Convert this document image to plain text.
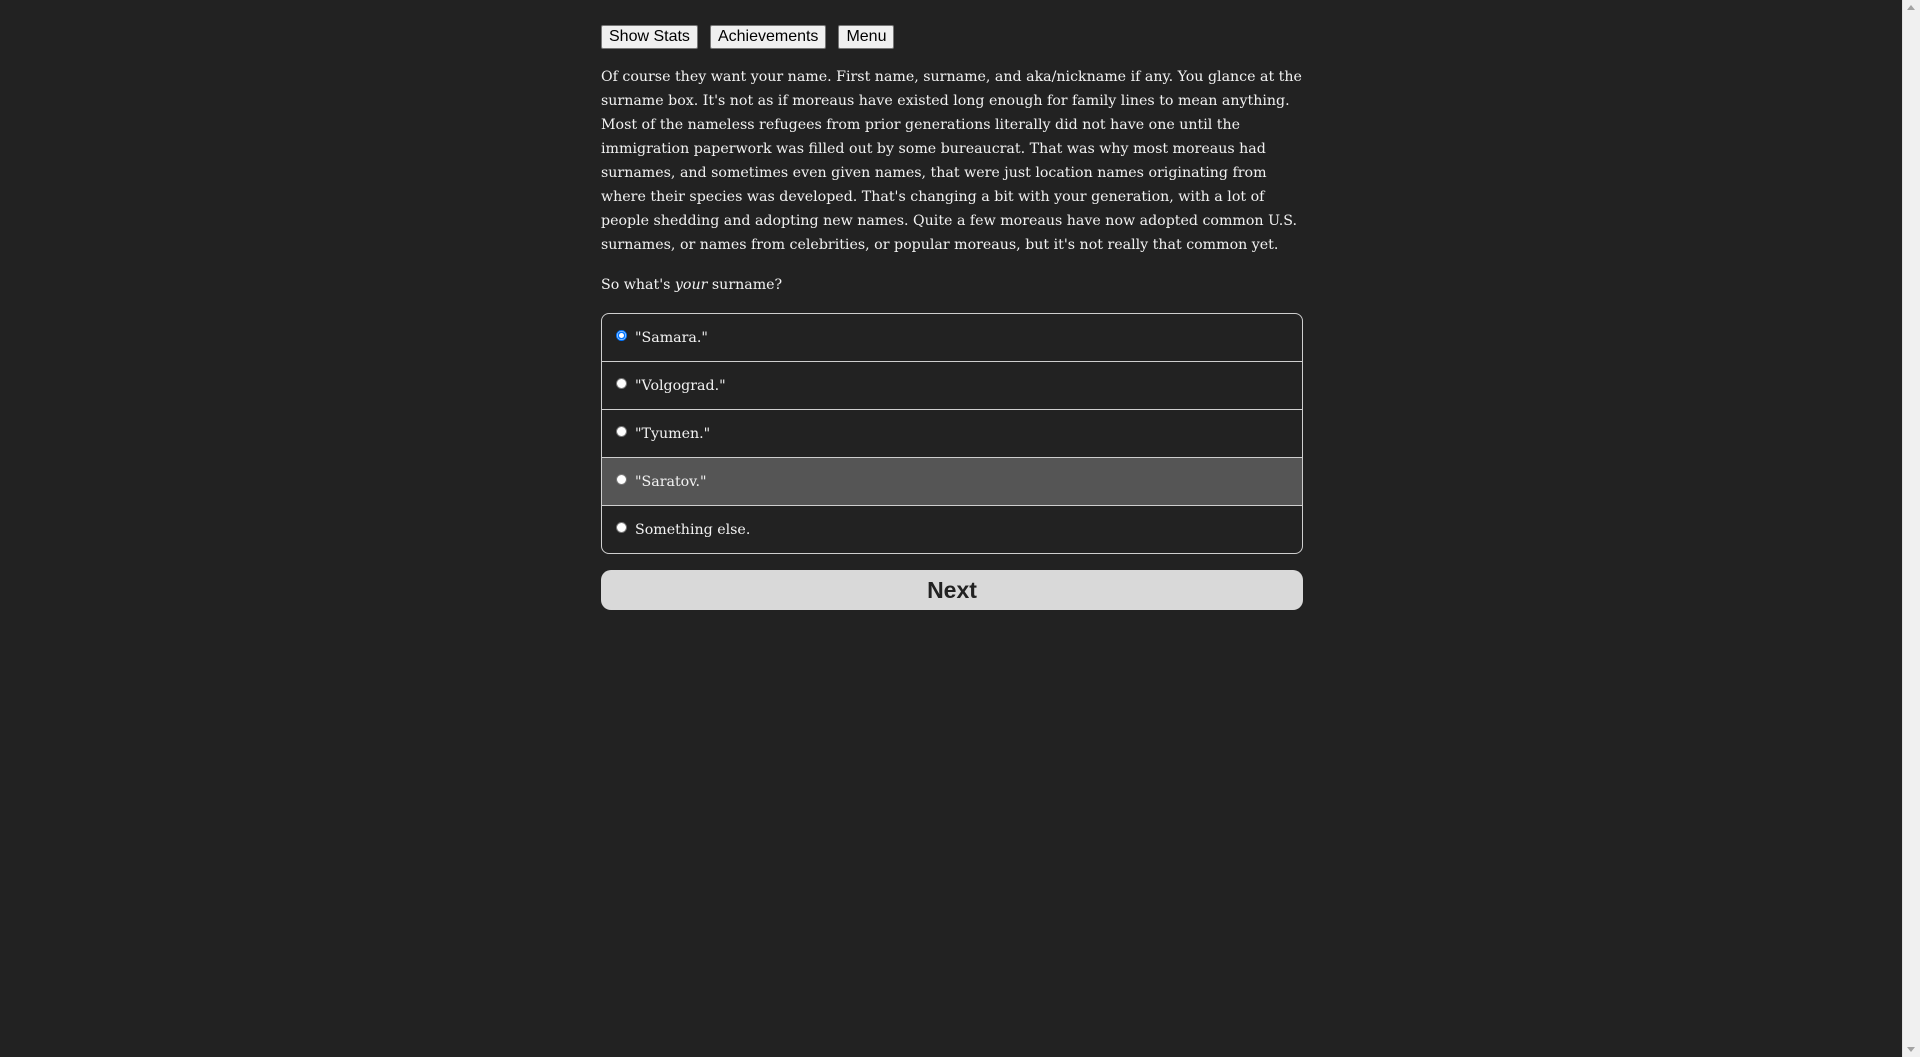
Show Stats	Achievements	Menu

Of course they want your name. First name, surname, and aka/nickname if any. You glance at the surname box. It's not as if moreaus have existed long enough for family lines to mean anything. Most of the nameless refugees from prior generations literally did not have one until the immigration paperwork was filled out by some bureaucrat. That was why most moreaus had surnames, and sometimes even given names, that were just location names originating from where their species was developed. That's changing a bit with your generation, with a lot of people shedding and adopting new names. Quite a few moreaus have now adopted common U.S. surnames, or names from celebrities, or popular moreaus, but it's not really that common yet.

So what's your surname?
"Samara."
"Volgograd."
"Tyumen."
"Saratov."
Something else.
Next
